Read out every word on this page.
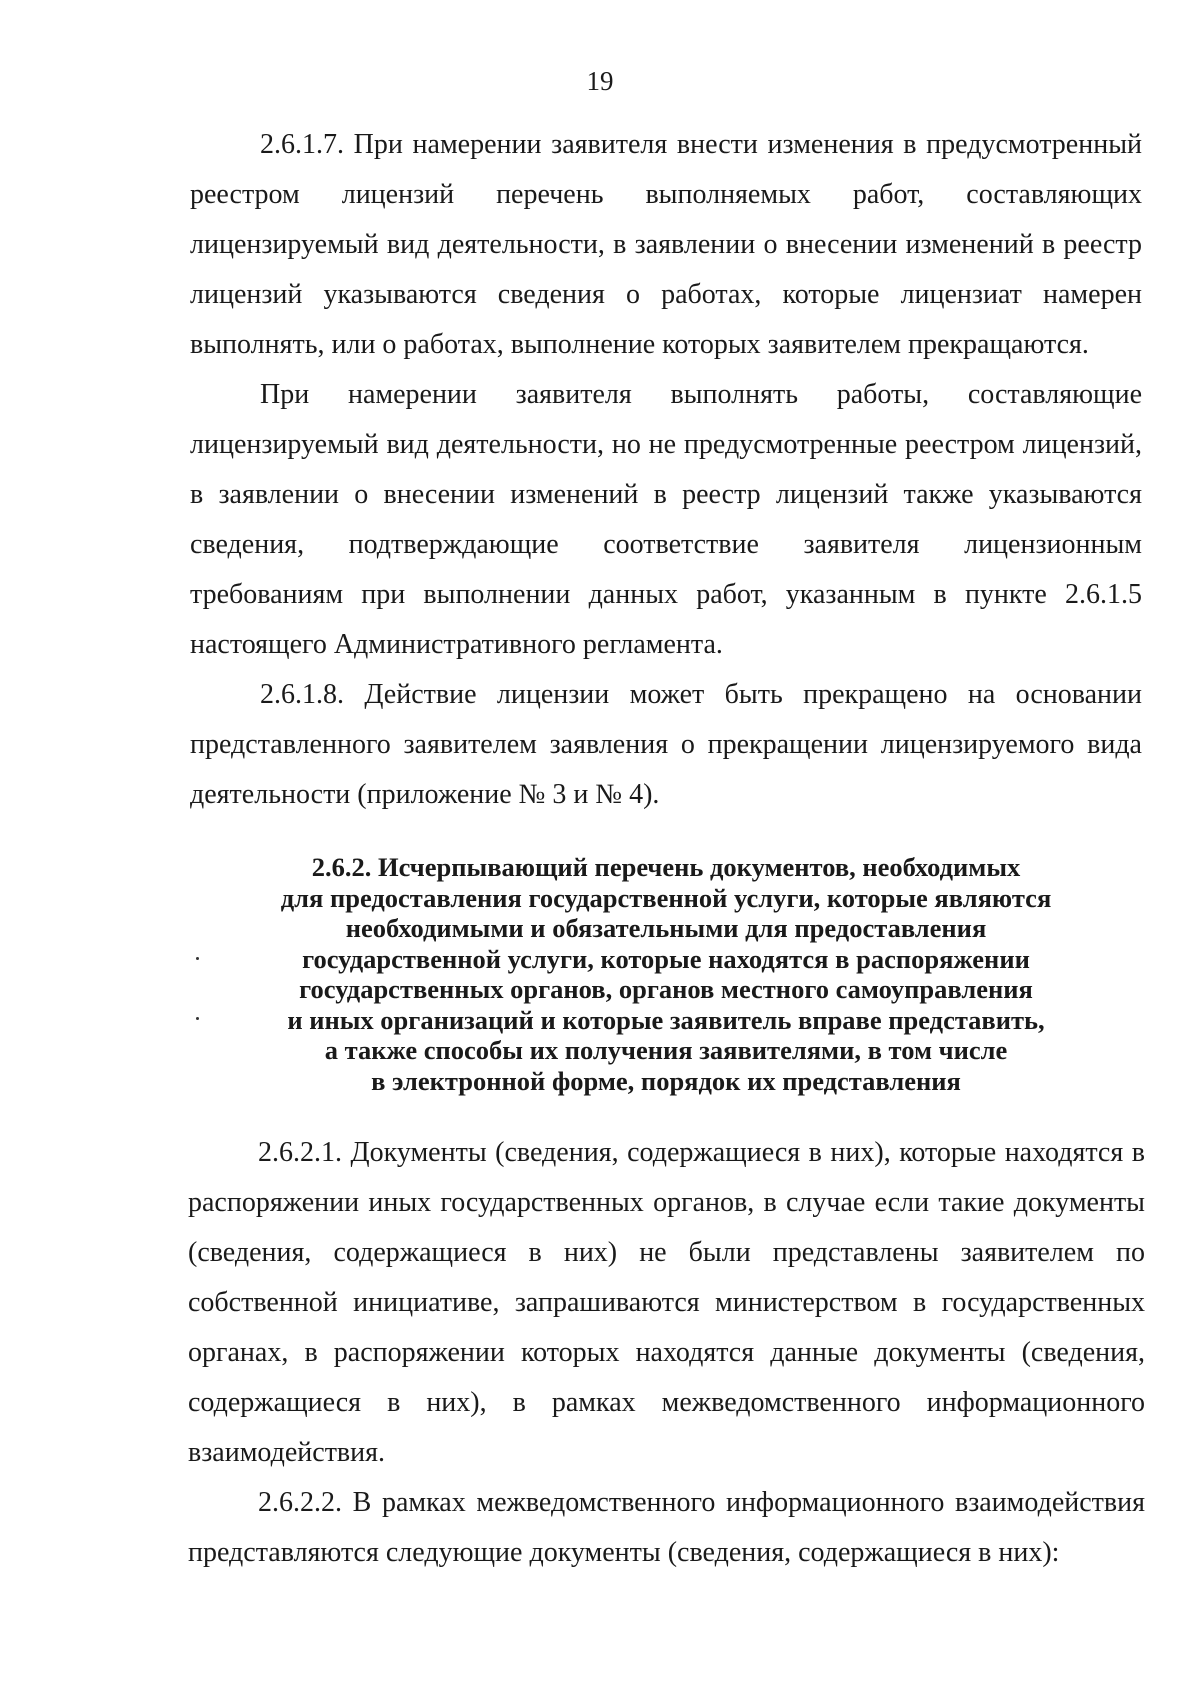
19

2.6.1.7. При намерении заявителя внести изменения в предусмотренный реестром лицензий перечень выполняемых работ, составляющих лицензируемый вид деятельности, в заявлении о внесении изменений в реестр лицензий указываются сведения о работах, которые лицензиат намерен выполнять, или о работах, выполнение которых заявителем прекращаются.

При намерении заявителя выполнять работы, составляющие лицензируемый вид деятельности, но не предусмотренные реестром лицензий, в заявлении о внесении изменений в реестр лицензий также указываются сведения, подтверждающие соответствие заявителя лицензионным требованиям при выполнении данных работ, указанным в пункте 2.6.1.5 настоящего Административного регламента.

2.6.1.8. Действие лицензии может быть прекращено на основании представленного заявителем заявления о прекращении лицензируемого вида деятельности (приложение № 3 и № 4).

2.6.2. Исчерпывающий перечень документов, необходимых
для предоставления государственной услуги, которые являются
необходимыми и обязательными для предоставления
государственной услуги, которые находятся в распоряжении
государственных органов, органов местного самоуправления
и иных организаций и которые заявитель вправе представить,
а также способы их получения заявителями, в том числе
в электронной форме, порядок их представления

2.6.2.1. Документы (сведения, содержащиеся в них), которые находятся в распоряжении иных государственных органов, в случае если такие документы (сведения, содержащиеся в них) не были представлены заявителем по собственной инициативе, запрашиваются министерством в государственных органах, в распоряжении которых находятся данные документы (сведения, содержащиеся в них), в рамках межведомственного информационного взаимодействия.

2.6.2.2. В рамках межведомственного информационного взаимодействия представляются следующие документы (сведения, содержащиеся в них):
